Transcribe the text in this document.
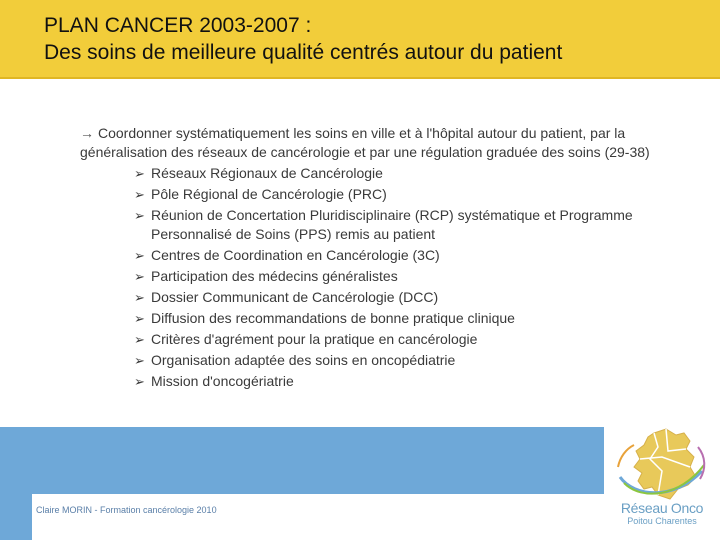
PLAN CANCER 2003-2007 :
Des soins de meilleure qualité centrés autour du patient

→ Coordonner systématiquement les soins en ville et à l'hôpital autour du patient, par la généralisation des réseaux de cancérologie et par une régulation graduée des soins (29-38)

➢ Réseaux Régionaux de Cancérologie
➢ Pôle Régional de Cancérologie (PRC)
➢ Réunion de Concertation Pluridisciplinaire (RCP) systématique et Programme Personnalisé de Soins (PPS) remis au patient
➢ Centres de Coordination en Cancérologie (3C)
➢ Participation des médecins généralistes
➢ Dossier Communicant de Cancérologie (DCC)
➢ Diffusion des recommandations de bonne pratique clinique
➢ Critères d'agrément pour la pratique en cancérologie
➢ Organisation adaptée des soins en oncopédiatrie
➢ Mission d'oncogériatrie
Claire MORIN - Formation cancérologie 2010	Réseau Onco
Poitou Charentes
